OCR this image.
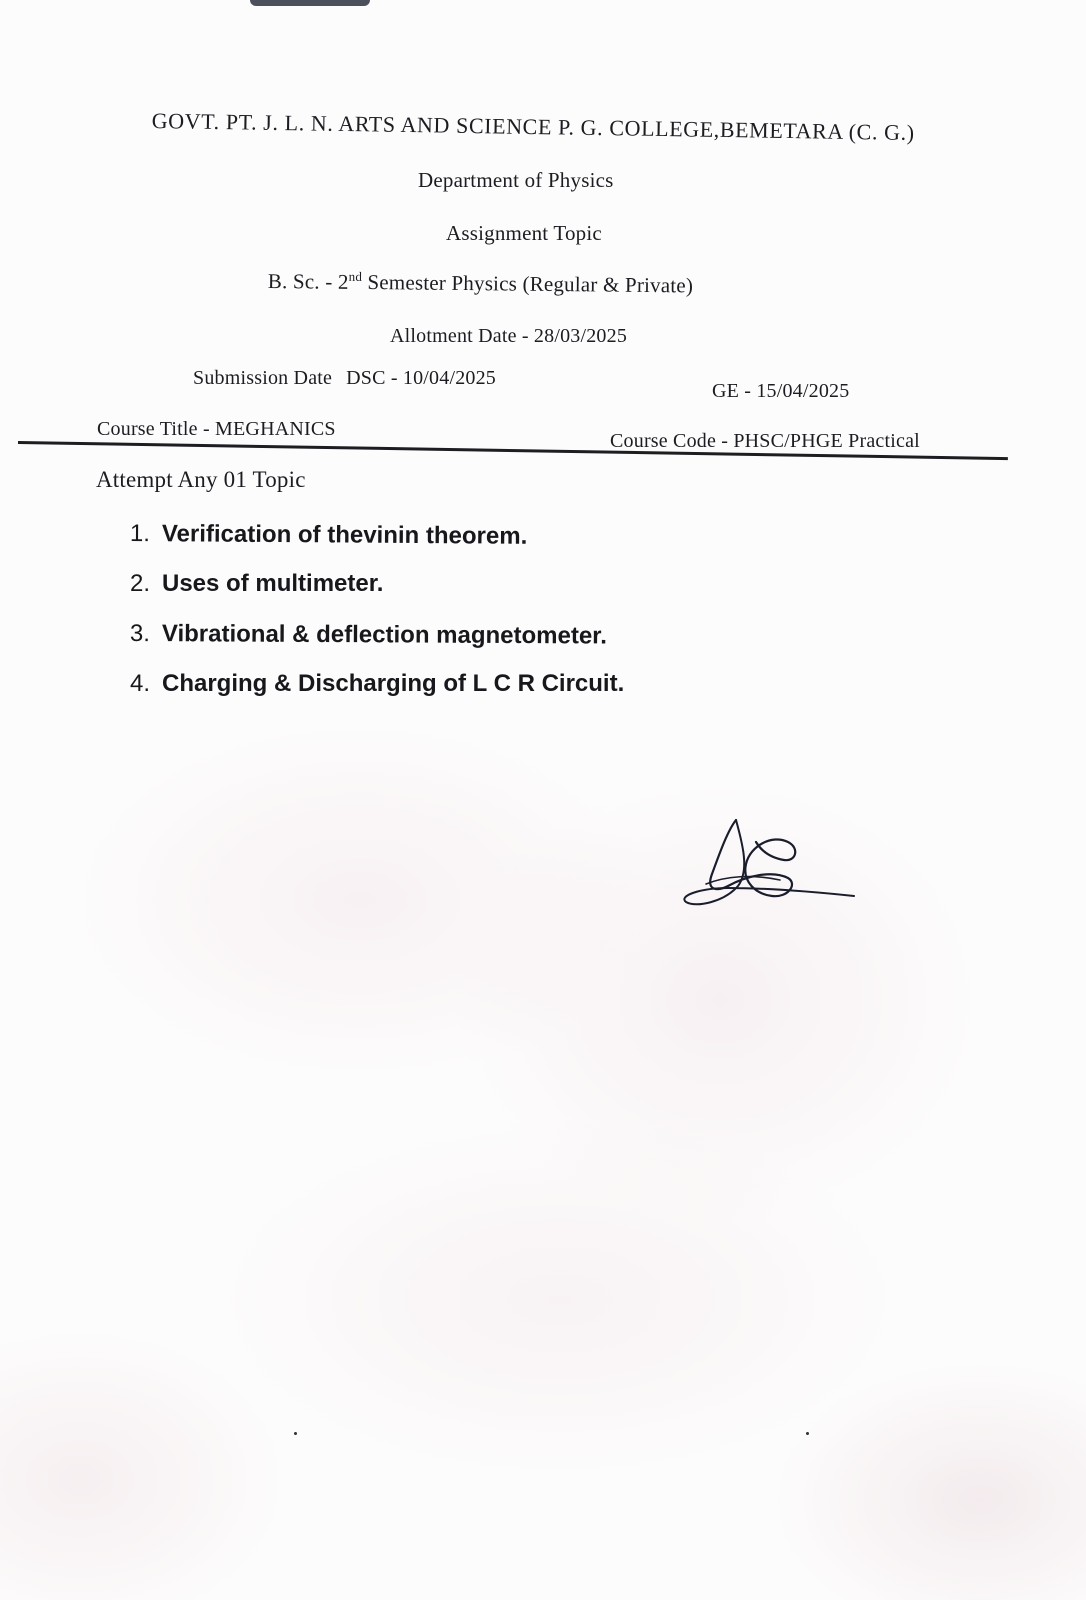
GOVT. PT. J. L. N. ARTS AND SCIENCE P. G. COLLEGE,BEMETARA (C. G.)
Department of Physics
Assignment Topic
B. Sc. - 2nd Semester Physics (Regular & Private)
Allotment Date - 28/03/2025
Submission Date DSC - 10/04/2025
GE - 15/04/2025
Course Title - MEGHANICS
Course Code - PHSC/PHGE Practical
Attempt Any 01 Topic
1. Verification of thevinin theorem.
2. Uses of multimeter.
3. Vibrational & deflection magnetometer.
4. Charging & Discharging of L C R Circuit.
